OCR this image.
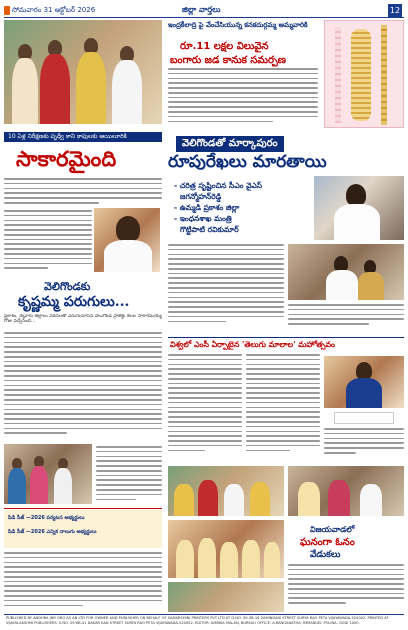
సోమవారం 31 అక్టోబర్ 2026	జిల్లా వార్తలు	12
ఇంద్రకీలాద్రి పై వేంచేసియున్న కనకదుర్గమ్మ అమ్మవారికి
రూ.11 లక్షల విలువైన
బంగారు జడ కానుక సమర్పణ
10 ఏళ్ల నిరీక్షణకు పృధ్వీ కాని కాపులకు ఆయిలూరికి
సాకారమైంది
వెలిగొండకు
కృష్ణమ్మ పరుగులు...
ప్రకాశం, నెల్లూరు జిల్లాలు వరదలతో ఎదురుచూసిన వెలుగొండ ప్రాజెక్టు కలల సాకారమయ్యే రోజు వచ్చేసింది...
పిడి సీజ్ —2026 పర్యటన అభ్యర్థులు
పిడి సీజ్ —2026 ఎన్నిక నాలుగు అభ్యర్థులు
వెలిగొండతో మార్కాపురం
రూపురేఖలు మారతాయి
- చరిత్ర సృష్టించిన సీఎం వైఎస్
జగన్మోహన్‌రెడ్డి
- ఉమ్మడి ప్రకాశం జిల్లా
- ఇంధనశాఖ మంత్రి
గొట్టిపాటి రవికుమార్
విశ్వలో ఎంసీ ఏర్పాటైన 'తెలుగు మాలాల' మహోత్సవం
విజయవాడలో
ఘనంగా ఓనం
వేడుకలు
PUBLISHED BY ANDHRA JNR ORG AS AN LTD FOR OWNER AND PUBLISHER ON BEHALF OF SAMARSHINI PRINTERS PVT LTD AT D.NO. 39-3B-16 ZAMINDARI STREET SURYA RAO PETA VIJAYAWADA-520002. PRINTED AT VIJAYALAKSHMI PUBLISHERS. S.NO. 29-6B-41 DAKAR KAN STREET SURYA RAO PETA VIJAYAWADA-520002. EDITOR: AMBIKA MALAN, BUREAU OFFICE: A.RANGANATHA, IMMANUEL POLINA. GODI 1000.
